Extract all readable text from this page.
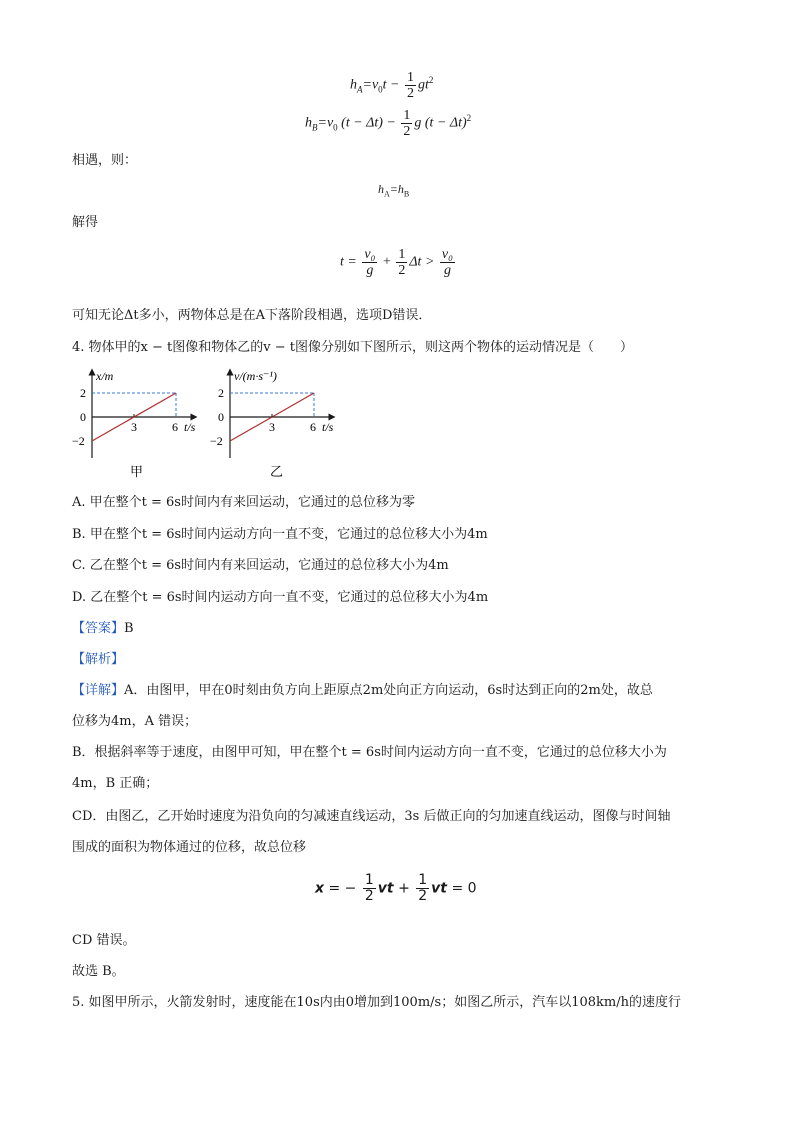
$h_A=v_0t - \frac{1}{2} gt^2$
$h_B=v_0$ $(t - \Delta t) - \frac{1}{2}$ g $(t - \Delta t)^2$
相遇，则：
$h_A=h_B$
解得
$t = \frac{\text{v₀}}{g} + \frac{1}{2}$ $\Delta t > \frac{\text{v₀}}{g}$
可知无论Δt多小，两物体总是在A下落阶段相遇，选项D错误．
4. 物体甲的x − t图像和物体乙的v − t图像分别如下图所示，则这两个物体的运动情况是（　　）
x/m
2
0
−2
3	6 t/s
甲
v/(m·s⁻¹)
2
0
−2
3	6 t/s
乙
A. 甲在整个t = 6s时间内有来回运动，它通过的总位移为零
B. 甲在整个t = 6s时间内运动方向一直不变，它通过的总位移大小为4m
C. 乙在整个t = 6s时间内有来回运动，它通过的总位移大小为4m
D. 乙在整个t = 6s时间内运动方向一直不变，它通过的总位移大小为4m
【答案】B
【解析】
【详解】A．由图甲，甲在0时刻由负方向上距原点2m处向正方向运动，6s时达到正向的2m处，故总
位移为4m，A 错误；
B．根据斜率等于速度，由图甲可知，甲在整个t = 6s时间内运动方向一直不变，它通过的总位移大小为
4m，B 正确；
CD．由图乙，乙开始时速度为沿负向的匀减速直线运动，3s 后做正向的匀加速直线运动，图像与时间轴
围成的面积为物体通过的位移，故总位移
x = − $\frac{1}{2}$ vt + $\frac{1}{2}$ vt = 0
CD 错误。
故选 B。
5. 如图甲所示，火箭发射时，速度能在10s内由0增加到100m/s；如图乙所示，汽车以108km/h的速度行
